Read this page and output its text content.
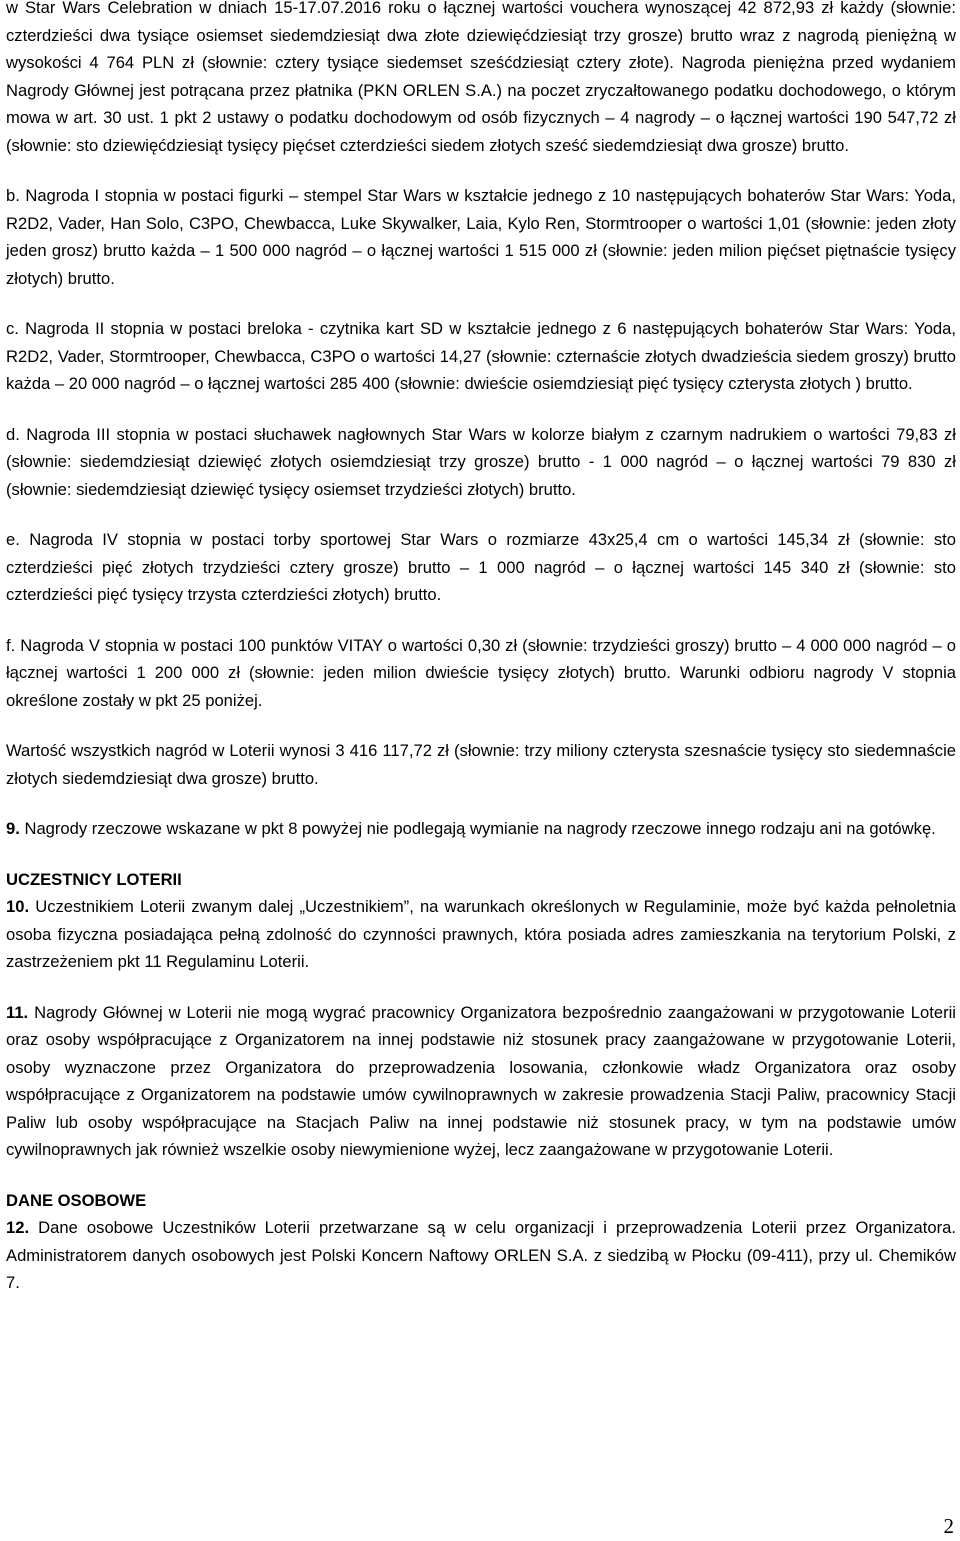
w Star Wars Celebration w dniach 15-17.07.2016 roku o łącznej wartości vouchera wynoszącej 42 872,93 zł każdy (słownie: czterdzieści dwa tysiące osiemset siedemdziesiąt dwa złote dziewięćdziesiąt trzy grosze) brutto wraz z nagrodą pieniężną w wysokości 4 764 PLN zł (słownie: cztery tysiące siedemset sześćdziesiąt cztery złote). Nagroda pieniężna przed wydaniem Nagrody Głównej jest potrącana przez płatnika (PKN ORLEN S.A.) na poczet zryczałtowanego podatku dochodowego, o którym mowa w art. 30 ust. 1 pkt 2 ustawy o podatku dochodowym od osób fizycznych – 4 nagrody – o łącznej wartości 190 547,72 zł (słownie: sto dziewięćdziesiąt tysięcy pięćset czterdzieści siedem złotych sześć siedemdziesiąt dwa grosze) brutto.

b. Nagroda I stopnia w postaci figurki – stempel Star Wars w kształcie jednego z 10 następujących bohaterów Star Wars: Yoda, R2D2, Vader, Han Solo, C3PO, Chewbacca, Luke Skywalker, Laia, Kylo Ren, Stormtrooper o wartości 1,01 (słownie: jeden złoty jeden grosz) brutto każda – 1 500 000 nagród – o łącznej wartości 1 515 000 zł (słownie: jeden milion pięćset piętnaście tysięcy złotych) brutto.

c. Nagroda II stopnia w postaci breloka - czytnika kart SD w kształcie jednego z 6 następujących bohaterów Star Wars: Yoda, R2D2, Vader, Stormtrooper, Chewbacca, C3PO o wartości 14,27 (słownie: czternaście złotych dwadzieścia siedem groszy) brutto każda – 20 000 nagród – o łącznej wartości 285 400 (słownie: dwieście osiemdziesiąt pięć tysięcy czterysta złotych ) brutto.

d. Nagroda III stopnia w postaci słuchawek nagłownych Star Wars w kolorze białym z czarnym nadrukiem o wartości 79,83 zł (słownie: siedemdziesiąt dziewięć złotych osiemdziesiąt trzy grosze) brutto - 1 000 nagród – o łącznej wartości 79 830 zł (słownie: siedemdziesiąt dziewięć tysięcy osiemset trzydzieści złotych) brutto.

e. Nagroda IV stopnia w postaci torby sportowej Star Wars o rozmiarze 43x25,4 cm o wartości 145,34 zł (słownie: sto czterdzieści pięć złotych trzydzieści cztery grosze) brutto – 1 000 nagród – o łącznej wartości 145 340 zł (słownie: sto czterdzieści pięć tysięcy trzysta czterdzieści złotych) brutto.

f. Nagroda V stopnia w postaci 100 punktów VITAY o wartości 0,30 zł (słownie: trzydzieści groszy) brutto – 4 000 000 nagród – o łącznej wartości 1 200 000 zł (słownie: jeden milion dwieście tysięcy złotych) brutto. Warunki odbioru nagrody V stopnia określone zostały w pkt 25 poniżej.

Wartość wszystkich nagród w Loterii wynosi 3 416 117,72 zł (słownie: trzy miliony czterysta szesnaście tysięcy sto siedemnaście złotych siedemdziesiąt dwa grosze) brutto.

9. Nagrody rzeczowe wskazane w pkt 8 powyżej nie podlegają wymianie na nagrody rzeczowe innego rodzaju ani na gotówkę.

UCZESTNICY LOTERII

10. Uczestnikiem Loterii zwanym dalej „Uczestnikiem”, na warunkach określonych w Regulaminie, może być każda pełnoletnia osoba fizyczna posiadająca pełną zdolność do czynności prawnych, która posiada adres zamieszkania na terytorium Polski, z zastrzeżeniem pkt 11 Regulaminu Loterii.

11. Nagrody Głównej w Loterii nie mogą wygrać pracownicy Organizatora bezpośrednio zaangażowani w przygotowanie Loterii oraz osoby współpracujące z Organizatorem na innej podstawie niż stosunek pracy zaangażowane w przygotowanie Loterii, osoby wyznaczone przez Organizatora do przeprowadzenia losowania, członkowie władz Organizatora oraz osoby współpracujące z Organizatorem na podstawie umów cywilnoprawnych w zakresie prowadzenia Stacji Paliw, pracownicy Stacji Paliw lub osoby współpracujące na Stacjach Paliw na innej podstawie niż stosunek pracy, w tym na podstawie umów cywilnoprawnych jak również wszelkie osoby niewymienione wyżej, lecz zaangażowane w przygotowanie Loterii.

DANE OSOBOWE

12. Dane osobowe Uczestników Loterii przetwarzane są w celu organizacji i przeprowadzenia Loterii przez Organizatora. Administratorem danych osobowych jest Polski Koncern Naftowy ORLEN S.A. z siedzibą w Płocku (09-411), przy ul. Chemików 7.

2
